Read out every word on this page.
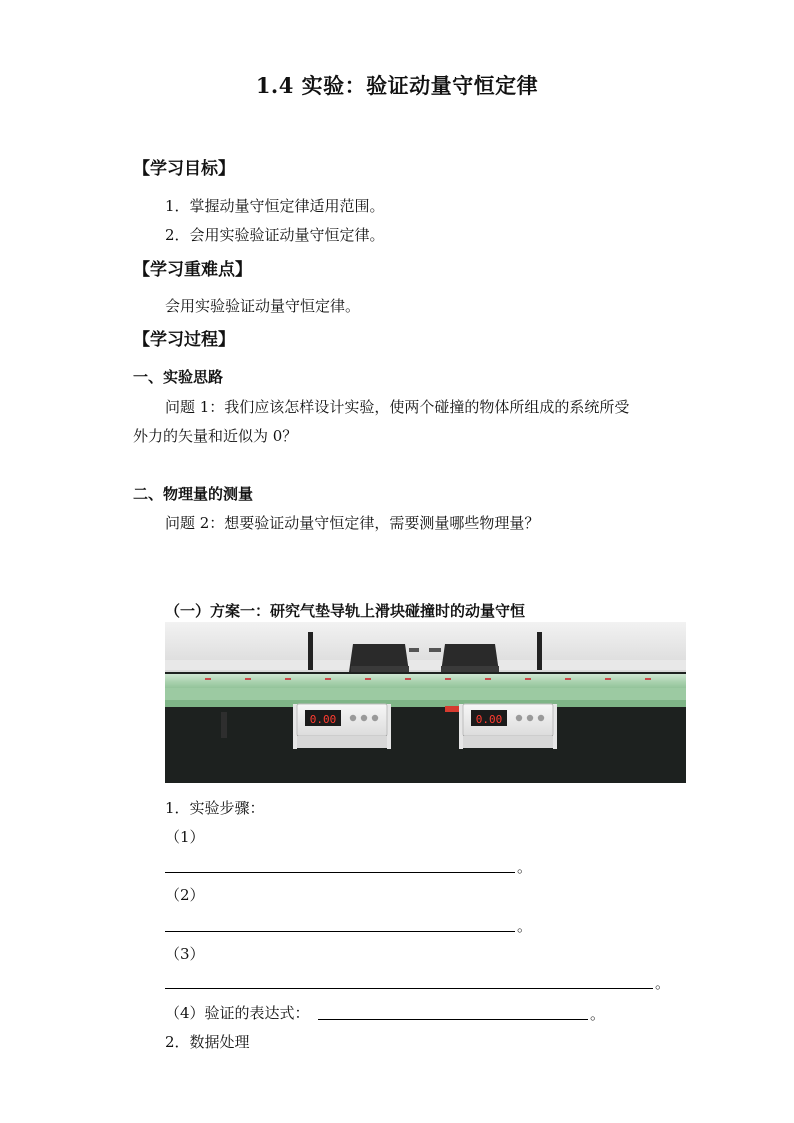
1.4 实验：验证动量守恒定律
【学习目标】
1．掌握动量守恒定律适用范围。
2．会用实验验证动量守恒定律。
【学习重难点】
会用实验验证动量守恒定律。
【学习过程】
一、实验思路
问题 1：我们应该怎样设计实验，使两个碰撞的物体所组成的系统所受
外力的矢量和近似为 0？
二、物理量的测量
问题 2：想要验证动量守恒定律，需要测量哪些物理量？
（一）方案一：研究气垫导轨上滑块碰撞时的动量守恒
0.00	0.00
1．实验步骤：
（1）
。
（2）
。
（3）
。
（4）验证的表达式：	。
2．数据处理
